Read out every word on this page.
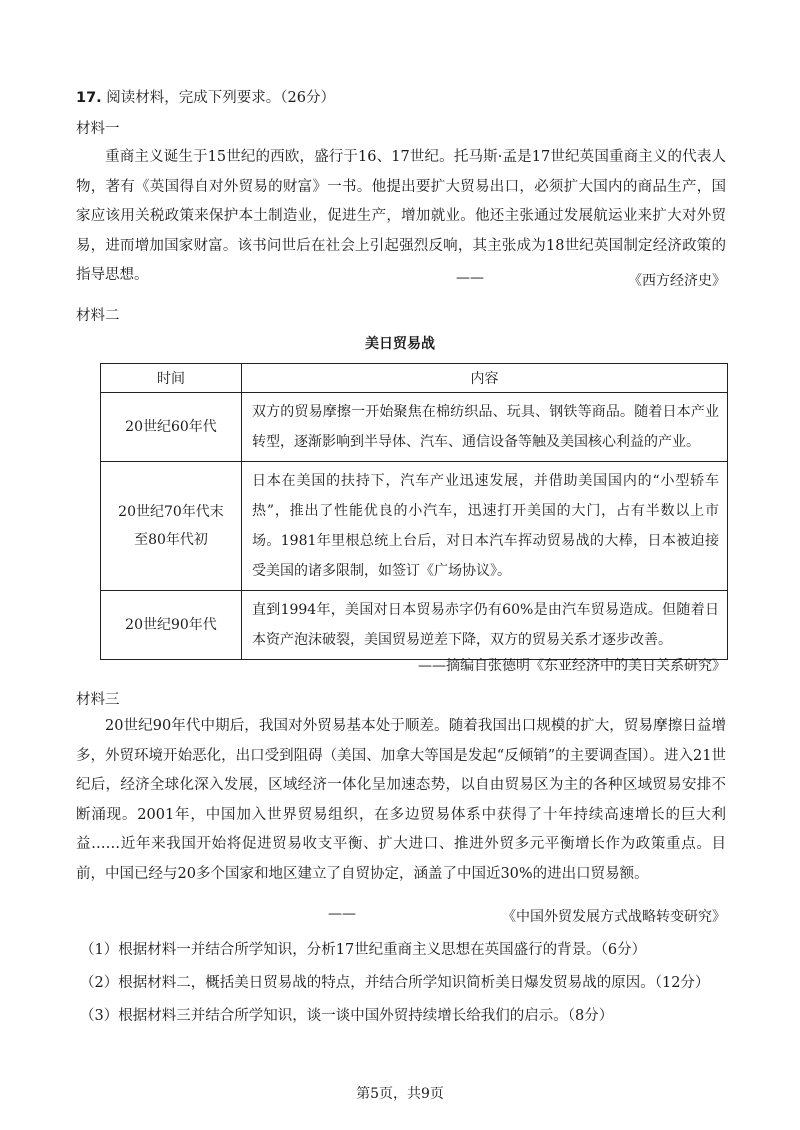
17. 阅读材料，完成下列要求。（26分）
材料一
重商主义诞生于15世纪的西欧，盛行于16、17世纪。托马斯·孟是17世纪英国重商主义的代表人物，著有《英国得自对外贸易的财富》一书。他提出要扩大贸易出口，必须扩大国内的商品生产，国家应该用关税政策来保护本土制造业，促进生产，增加就业。他还主张通过发展航运业来扩大对外贸易，进而增加国家财富。该书问世后在社会上引起强烈反响，其主张成为18世纪英国制定经济政策的指导思想。	——	《西方经济史》
材料二
美日贸易战
时间	内容
20世纪60年代	双方的贸易摩擦一开始聚焦在棉纺织品、玩具、钢铁等商品。随着日本产业转型，逐渐影响到半导体、汽车、通信设备等触及美国核心利益的产业。
20世纪70年代末至80年代初	日本在美国的扶持下，汽车产业迅速发展，并借助美国国内的“小型轿车热”，推出了性能优良的小汽车，迅速打开美国的大门，占有半数以上市场。1981年里根总统上台后，对日本汽车挥动贸易战的大棒，日本被迫接受美国的诸多限制，如签订《广场协议》。
20世纪90年代	直到1994年，美国对日本贸易赤字仍有60%是由汽车贸易造成。但随着日本资产泡沫破裂，美国贸易逆差下降，双方的贸易关系才逐步改善。
——摘编自张德明《东亚经济中的美日关系研究》
材料三
20世纪90年代中期后，我国对外贸易基本处于顺差。随着我国出口规模的扩大，贸易摩擦日益增多，外贸环境开始恶化，出口受到阻碍（美国、加拿大等国是发起“反倾销”的主要调查国）。进入21世纪后，经济全球化深入发展，区域经济一体化呈加速态势，以自由贸易区为主的各种区域贸易安排不断涌现。2001年，中国加入世界贸易组织，在多边贸易体系中获得了十年持续高速增长的巨大利益……近年来我国开始将促进贸易收支平衡、扩大进口、推进外贸多元平衡增长作为政策重点。目前，中国已经与20多个国家和地区建立了自贸协定，涵盖了中国近30%的进出口贸易额。
——	《中国外贸发展方式战略转变研究》
（1）根据材料一并结合所学知识，分析17世纪重商主义思想在英国盛行的背景。（6分）
（2）根据材料二，概括美日贸易战的特点，并结合所学知识简析美日爆发贸易战的原因。（12分）
（3）根据材料三并结合所学知识，谈一谈中国外贸持续增长给我们的启示。（8分）
第5页，共9页
